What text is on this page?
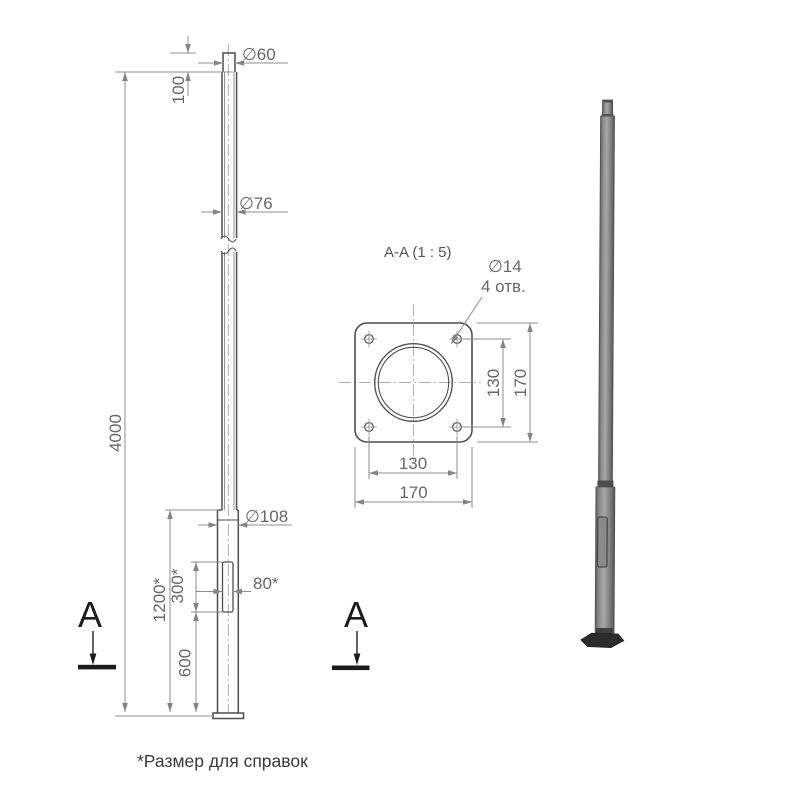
∅60
100
∅76
4000
∅108
1200* 300*	80*
600
A	A
A-A (1 : 5)
∅14
4 отв.
130 170
130
170
*Размер для справок
